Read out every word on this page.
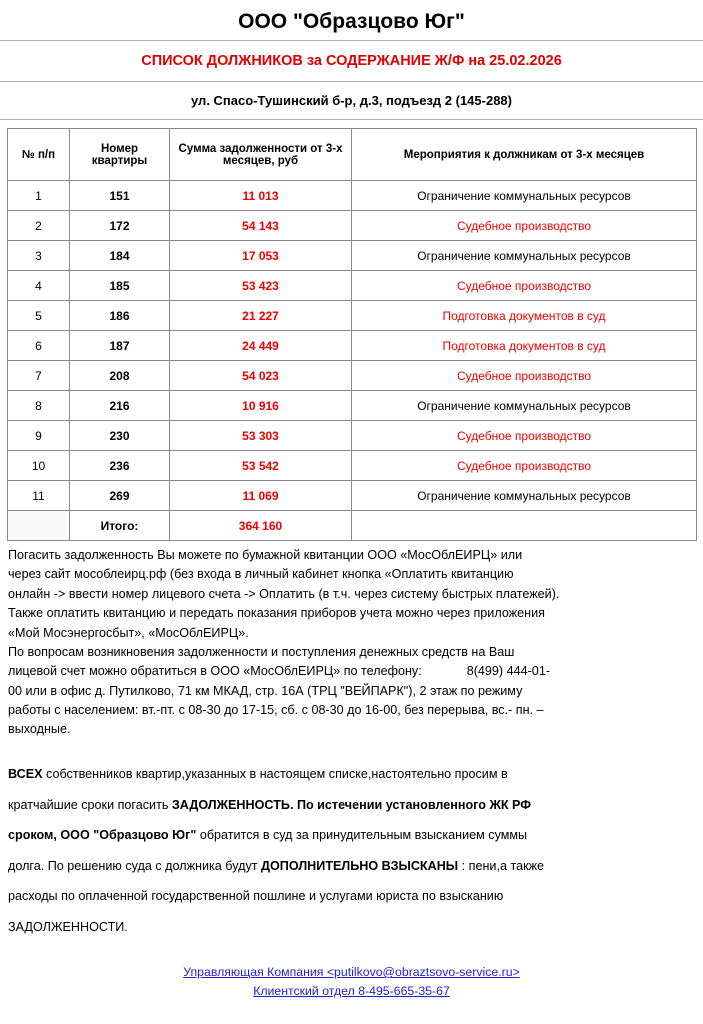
ООО "Образцово Юг"
СПИСОК ДОЛЖНИКОВ за СОДЕРЖАНИЕ Ж/Ф на 25.02.2026
ул. Спасо-Тушинский б-р, д.3, подъезд 2 (145-288)
№ п/п	Номер квартиры	Сумма задолженности от 3-х месяцев, руб	Мероприятия к должникам от 3-х месяцев
1	151	11 013	Ограничение коммунальных ресурсов
2	172	54 143	Судебное производство
3	184	17 053	Ограничение коммунальных ресурсов
4	185	53 423	Судебное производство
5	186	21 227	Подготовка документов в суд
6	187	24 449	Подготовка документов в суд
7	208	54 023	Судебное производство
8	216	10 916	Ограничение коммунальных ресурсов
9	230	53 303	Судебное производство
10	236	53 542	Судебное производство
11	269	11 069	Ограничение коммунальных ресурсов
	Итого:	364 160	

Погасить задолженность Вы можете по бумажной квитанции ООО «МосОблЕИРЦ» или

через сайт мособлеирц.рф (без входа в личный кабинет кнопка «Оплатить квитанцию

онлайн -> ввести номер лицевого счета -> Оплатить (в т.ч. через систему быстрых платежей).

Также оплатить квитанцию и передать показания приборов учета можно через приложения

«Мой Мосэнергосбыт», «МосОблЕИРЦ».

По вопросам возникновения задолженности и поступления денежных средств на Ваш

лицевой счет можно обратиться в ООО «МосОблЕИРЦ» по телефону:	8(499) 444-01-

00 или в офис д. Путилково, 71 км МКАД, стр. 16А (ТРЦ "ВЕЙПАРК"), 2 этаж по режиму

работы с населением: вт.-пт. с 08-30 до 17-15, сб. с 08-30 до 16-00, без перерыва, вс.- пн. –

выходные.

ВСЕХ собственников квартир,указанных в настоящем списке,настоятельно просим в

кратчайшие сроки погасить ЗАДОЛЖЕННОСТЬ. По истечении установленного ЖК РФ

сроком, ООО "Образцово Юг" обратится в суд за принудительным взысканием суммы

долга. По решению суда с должника будут ДОПОЛНИТЕЛЬНО ВЗЫСКАНЫ : пени,а также

расходы по оплаченной государственной пошлине и услугами юриста по взысканию

ЗАДОЛЖЕННОСТИ.

Управляющая Компания <putilkovo@obraztsovo-service.ru>
Клиентский отдел 8-495-665-35-67
